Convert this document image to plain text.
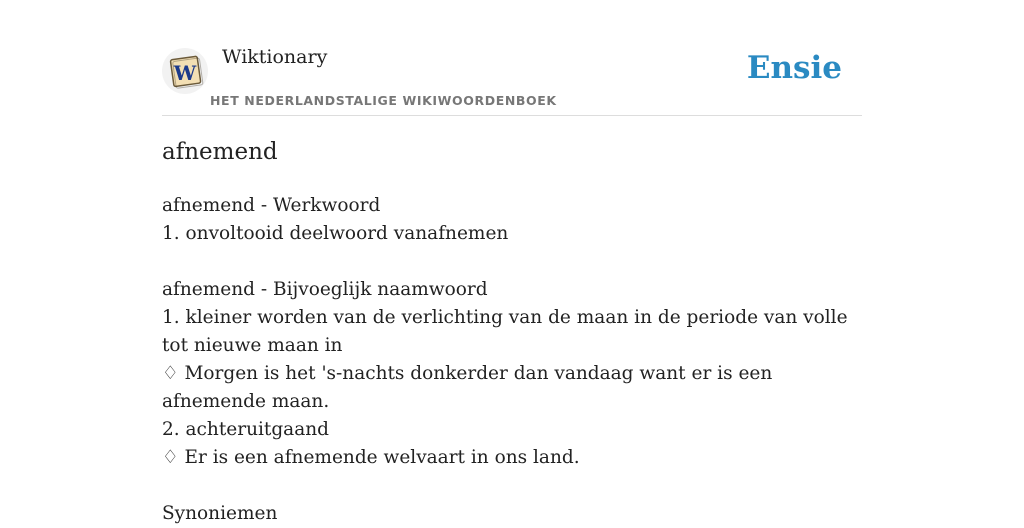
W
Wiktionary
HET NEDERLANDSTALIGE WIKIWOORDENBOEK
Ensie
afnemend
afnemend - Werkwoord
1. onvoltooid deelwoord vanafnemen
afnemend - Bijvoeglijk naamwoord
1. kleiner worden van de verlichting van de maan in de periode van volle tot nieuwe maan in
♢ Morgen is het 's-nachts donkerder dan vandaag want er is een afnemende maan.
2. achteruitgaand
♢ Er is een afnemende welvaart in ons land.
Synoniemen
